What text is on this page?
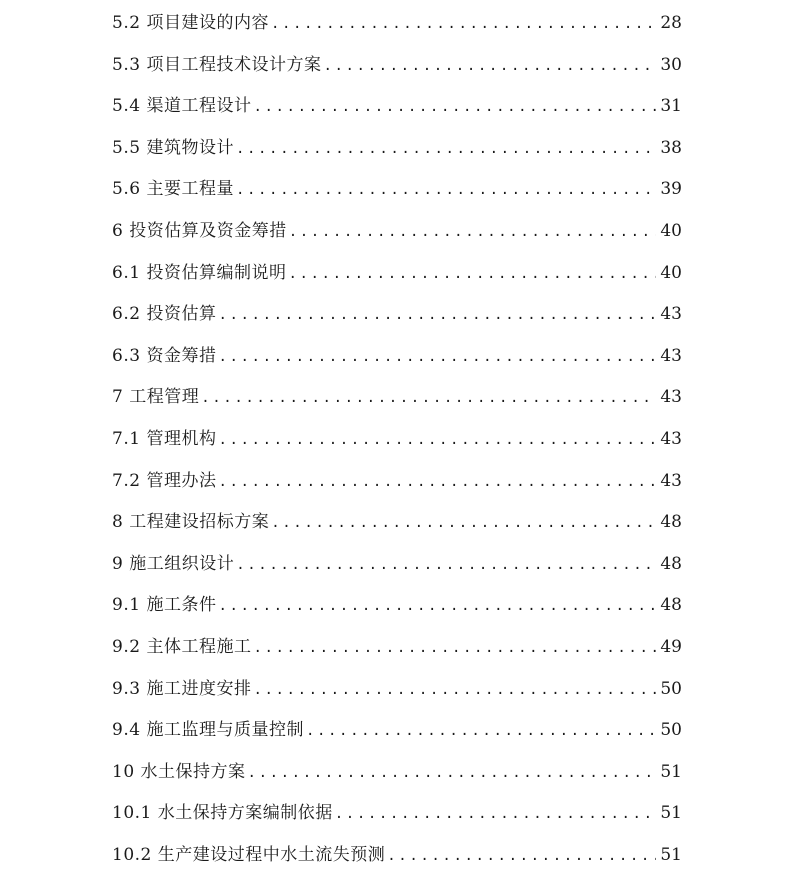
5.2 项目建设的内容 .....	28
5.3 项目工程技术设计方案 .....	30
5.4 渠道工程设计 .....	31
5.5 建筑物设计 .....	38
5.6 主要工程量 .....	39
6 投资估算及资金筹措 .....	40
6.1 投资估算编制说明 .....	40
6.2 投资估算 .....	43
6.3 资金筹措 .....	43
7 工程管理 .....	43
7.1 管理机构 .....	43
7.2 管理办法 .....	43
8 工程建设招标方案 .....	48
9 施工组织设计 .....	48
9.1 施工条件 .....	48
9.2 主体工程施工 .....	49
9.3 施工进度安排 .....	50
9.4 施工监理与质量控制 .....	50
10 水土保持方案 .....	51
10.1 水土保持方案编制依据 .....	51
10.2 生产建设过程中水土流失预测 .....	51
